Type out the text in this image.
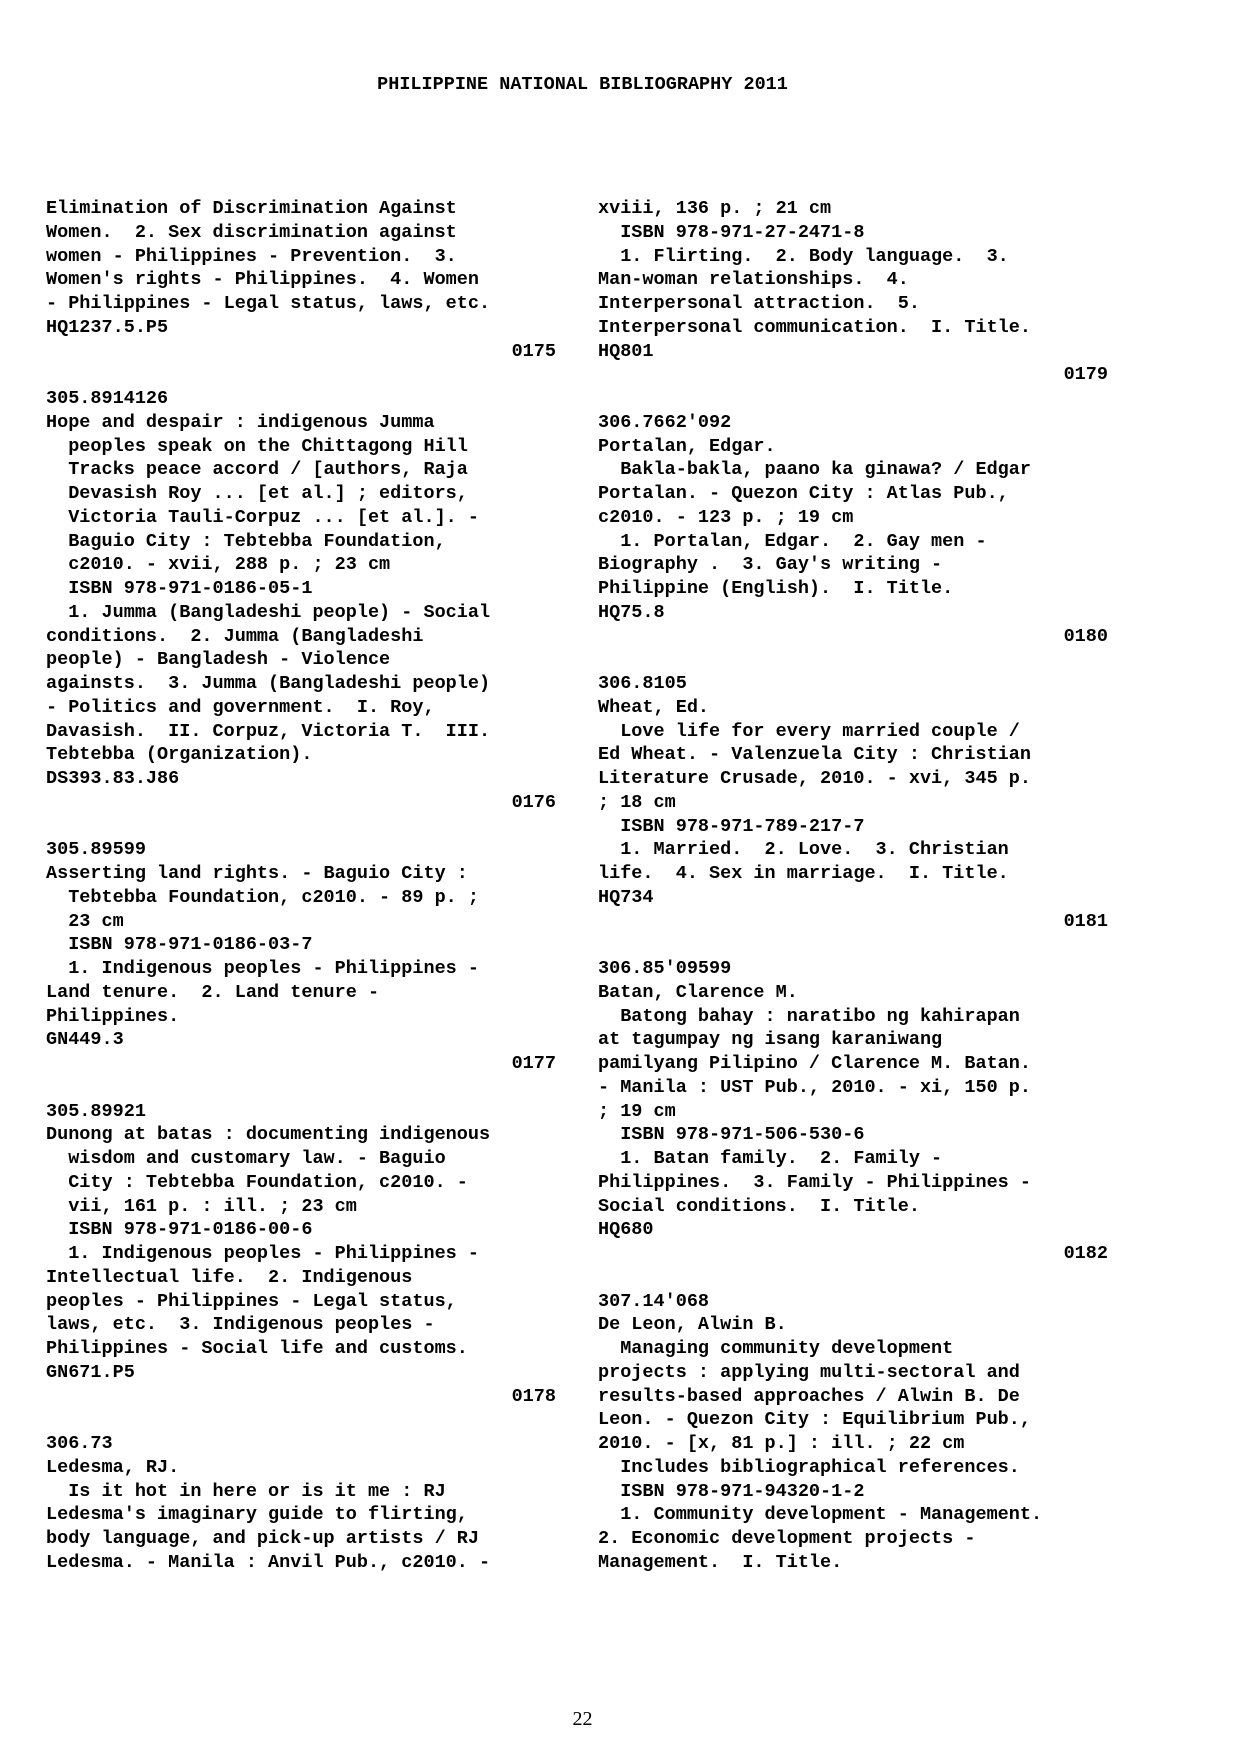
PHILIPPINE NATIONAL BIBLIOGRAPHY 2011
Elimination of Discrimination Against
Women.  2. Sex discrimination against
women - Philippines - Prevention.  3.
Women's rights - Philippines.  4. Women
- Philippines - Legal status, laws, etc.
HQ1237.5.P5
0175
305.8914126
Hope and despair : indigenous Jumma
peoples speak on the Chittagong Hill
Tracks peace accord / [authors, Raja
Devasish Roy ... [et al.] ; editors,
Victoria Tauli-Corpuz ... [et al.]. -
Baguio City : Tebtebba Foundation,
c2010. - xvii, 288 p. ; 23 cm
ISBN 978-971-0186-05-1
1. Jumma (Bangladeshi people) - Social
conditions.  2. Jumma (Bangladeshi
people) - Bangladesh - Violence
againsts.  3. Jumma (Bangladeshi people)
- Politics and government.  I. Roy,
Davasish.  II. Corpuz, Victoria T.  III.
Tebtebba (Organization).
DS393.83.J86
0176
305.89599
Asserting land rights. - Baguio City :
Tebtebba Foundation, c2010. - 89 p. ;
23 cm
ISBN 978-971-0186-03-7
1. Indigenous peoples - Philippines -
Land tenure.  2. Land tenure -
Philippines.
GN449.3
0177
305.89921
Dunong at batas : documenting indigenous
wisdom and customary law. - Baguio
City : Tebtebba Foundation, c2010. -
vii, 161 p. : ill. ; 23 cm
ISBN 978-971-0186-00-6
1. Indigenous peoples - Philippines -
Intellectual life.  2. Indigenous
peoples - Philippines - Legal status,
laws, etc.  3. Indigenous peoples -
Philippines - Social life and customs.
GN671.P5
0178
306.73
Ledesma, RJ.
Is it hot in here or is it me : RJ
Ledesma's imaginary guide to flirting,
body language, and pick-up artists / RJ
Ledesma. - Manila : Anvil Pub., c2010. -
xviii, 136 p. ; 21 cm
ISBN 978-971-27-2471-8
1. Flirting.  2. Body language.  3.
Man-woman relationships.  4.
Interpersonal attraction.  5.
Interpersonal communication.  I. Title.
HQ801
0179
306.7662'092
Portalan, Edgar.
Bakla-bakla, paano ka ginawa? / Edgar
Portalan. - Quezon City : Atlas Pub.,
c2010. - 123 p. ; 19 cm
1. Portalan, Edgar.  2. Gay men -
Biography .  3. Gay's writing -
Philippine (English).  I. Title.
HQ75.8
0180
306.8105
Wheat, Ed.
Love life for every married couple /
Ed Wheat. - Valenzuela City : Christian
Literature Crusade, 2010. - xvi, 345 p.
; 18 cm
ISBN 978-971-789-217-7
1. Married.  2. Love.  3. Christian
life.  4. Sex in marriage.  I. Title.
HQ734
0181
306.85'09599
Batan, Clarence M.
Batong bahay : naratibo ng kahirapan
at tagumpay ng isang karaniwang
pamilyang Pilipino / Clarence M. Batan.
- Manila : UST Pub., 2010. - xi, 150 p.
; 19 cm
ISBN 978-971-506-530-6
1. Batan family.  2. Family -
Philippines.  3. Family - Philippines -
Social conditions.  I. Title.
HQ680
0182
307.14'068
De Leon, Alwin B.
Managing community development
projects : applying multi-sectoral and
results-based approaches / Alwin B. De
Leon. - Quezon City : Equilibrium Pub.,
2010. - [x, 81 p.] : ill. ; 22 cm
Includes bibliographical references.
ISBN 978-971-94320-1-2
1. Community development - Management.
2. Economic development projects -
Management.  I. Title.
22
